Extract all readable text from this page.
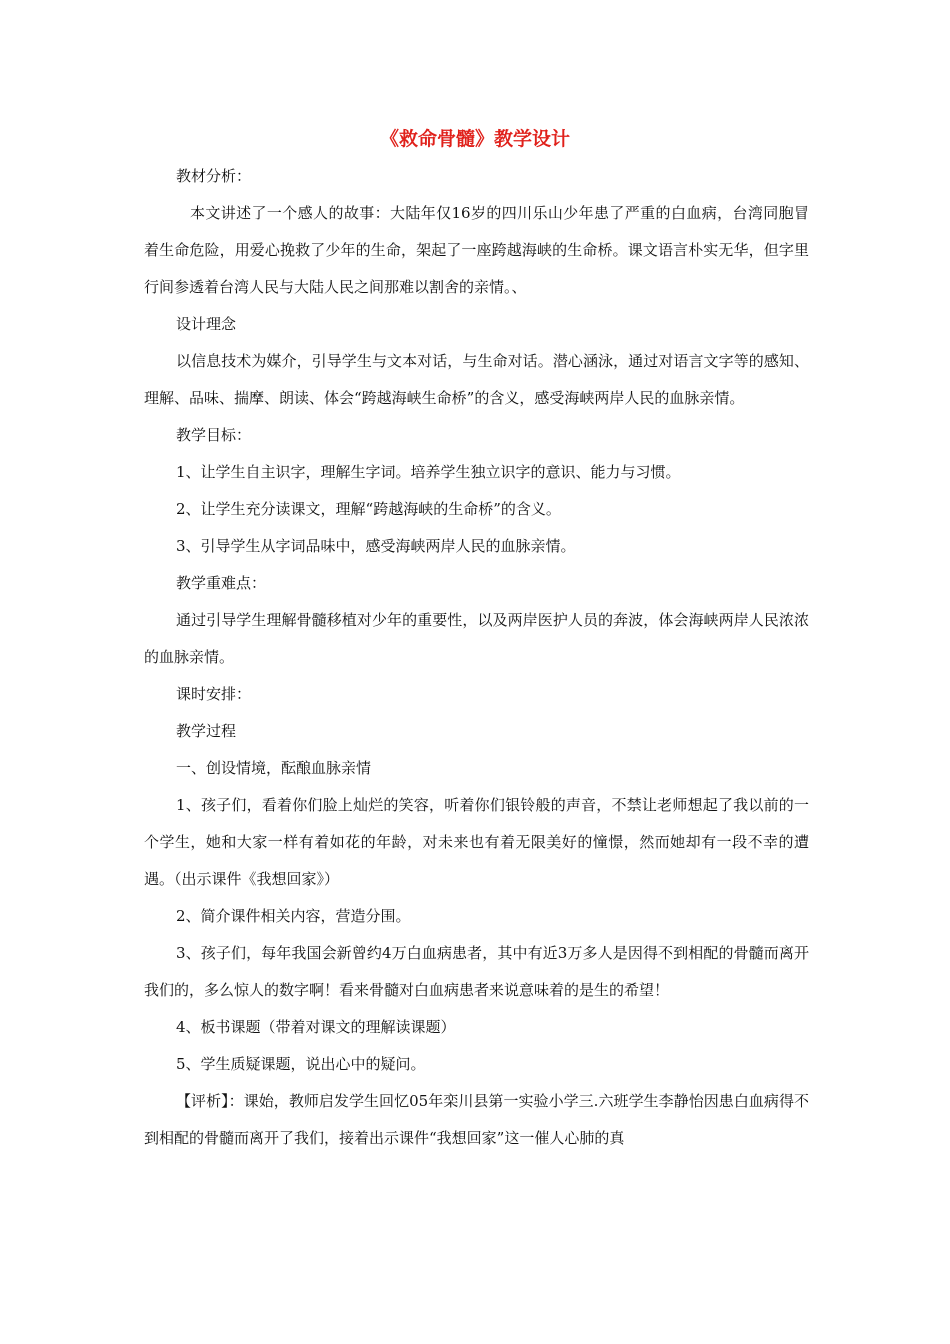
《救命骨髓》教学设计

教材分析：

本文讲述了一个感人的故事：大陆年仅16岁的四川乐山少年患了严重的白血病，台湾同胞冒着生命危险，用爱心挽救了少年的生命，架起了一座跨越海峡的生命桥。课文语言朴实无华，但字里行间参透着台湾人民与大陆人民之间那难以割舍的亲情。、

设计理念

以信息技术为媒介，引导学生与文本对话，与生命对话。潜心涵泳，通过对语言文字等的感知、理解、品味、揣摩、朗读、体会“跨越海峡生命桥”的含义，感受海峡两岸人民的血脉亲情。

教学目标：

1、让学生自主识字，理解生字词。培养学生独立识字的意识、能力与习惯。

2、让学生充分读课文，理解“跨越海峡的生命桥”的含义。

3、引导学生从字词品味中，感受海峡两岸人民的血脉亲情。

教学重难点：

通过引导学生理解骨髓移植对少年的重要性，以及两岸医护人员的奔波，体会海峡两岸人民浓浓的血脉亲情。

课时安排：

教学过程

一、创设情境，酝酿血脉亲情

1、孩子们，看着你们脸上灿烂的笑容，听着你们银铃般的声音，不禁让老师想起了我以前的一个学生，她和大家一样有着如花的年龄，对未来也有着无限美好的憧憬，然而她却有一段不幸的遭遇。（出示课件《我想回家》）

2、简介课件相关内容，营造分围。

3、孩子们，每年我国会新曾约4万白血病患者，其中有近3万多人是因得不到相配的骨髓而离开我们的，多么惊人的数字啊！看来骨髓对白血病患者来说意味着的是生的希望！

4、板书课题（带着对课文的理解读课题）

5、学生质疑课题，说出心中的疑问。

【评析】：课始，教师启发学生回忆05年栾川县第一实验小学三.六班学生李静怡因患白血病得不到相配的骨髓而离开了我们，接着出示课件“我想回家”这一催人心肺的真
